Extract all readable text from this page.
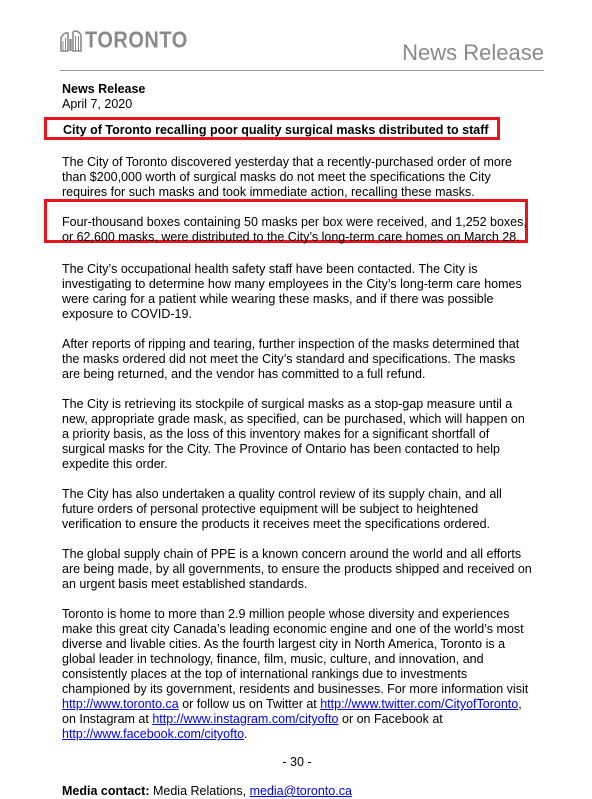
TORONTO	News Release
City of Toronto recalling poor quality surgical masks distributed to staff
News Release
April 7, 2020

The City of Toronto discovered yesterday that a recently-purchased order of more than $200,000 worth of surgical masks do not meet the specifications the City requires for such masks and took immediate action, recalling these masks.

Four-thousand boxes containing 50 masks per box were received, and 1,252 boxes, or 62,600 masks, were distributed to the City’s long-term care homes on March 28.

The City’s occupational health safety staff have been contacted. The City is investigating to determine how many employees in the City’s long-term care homes were caring for a patient while wearing these masks, and if there was possible exposure to COVID-19.

After reports of ripping and tearing, further inspection of the masks determined that the masks ordered did not meet the City’s standard and specifications. The masks are being returned, and the vendor has committed to a full refund.

The City is retrieving its stockpile of surgical masks as a stop-gap measure until a new, appropriate grade mask, as specified, can be purchased, which will happen on a priority basis, as the loss of this inventory makes for a significant shortfall of surgical masks for the City. The Province of Ontario has been contacted to help expedite this order.

The City has also undertaken a quality control review of its supply chain, and all future orders of personal protective equipment will be subject to heightened verification to ensure the products it receives meet the specifications ordered.

The global supply chain of PPE is a known concern around the world and all efforts are being made, by all governments, to ensure the products shipped and received on an urgent basis meet established standards.

Toronto is home to more than 2.9 million people whose diversity and experiences make this great city Canada’s leading economic engine and one of the world’s most diverse and livable cities. As the fourth largest city in North America, Toronto is a global leader in technology, finance, film, music, culture, and innovation, and consistently places at the top of international rankings due to investments championed by its government, residents and businesses. For more information visit http://www.toronto.ca or follow us on Twitter at http://www.twitter.com/CityofToronto, on Instagram at http://www.instagram.com/cityofto or on Facebook at http://www.facebook.com/cityofto.

- 30 -
Media contact: Media Relations, media@toronto.ca
